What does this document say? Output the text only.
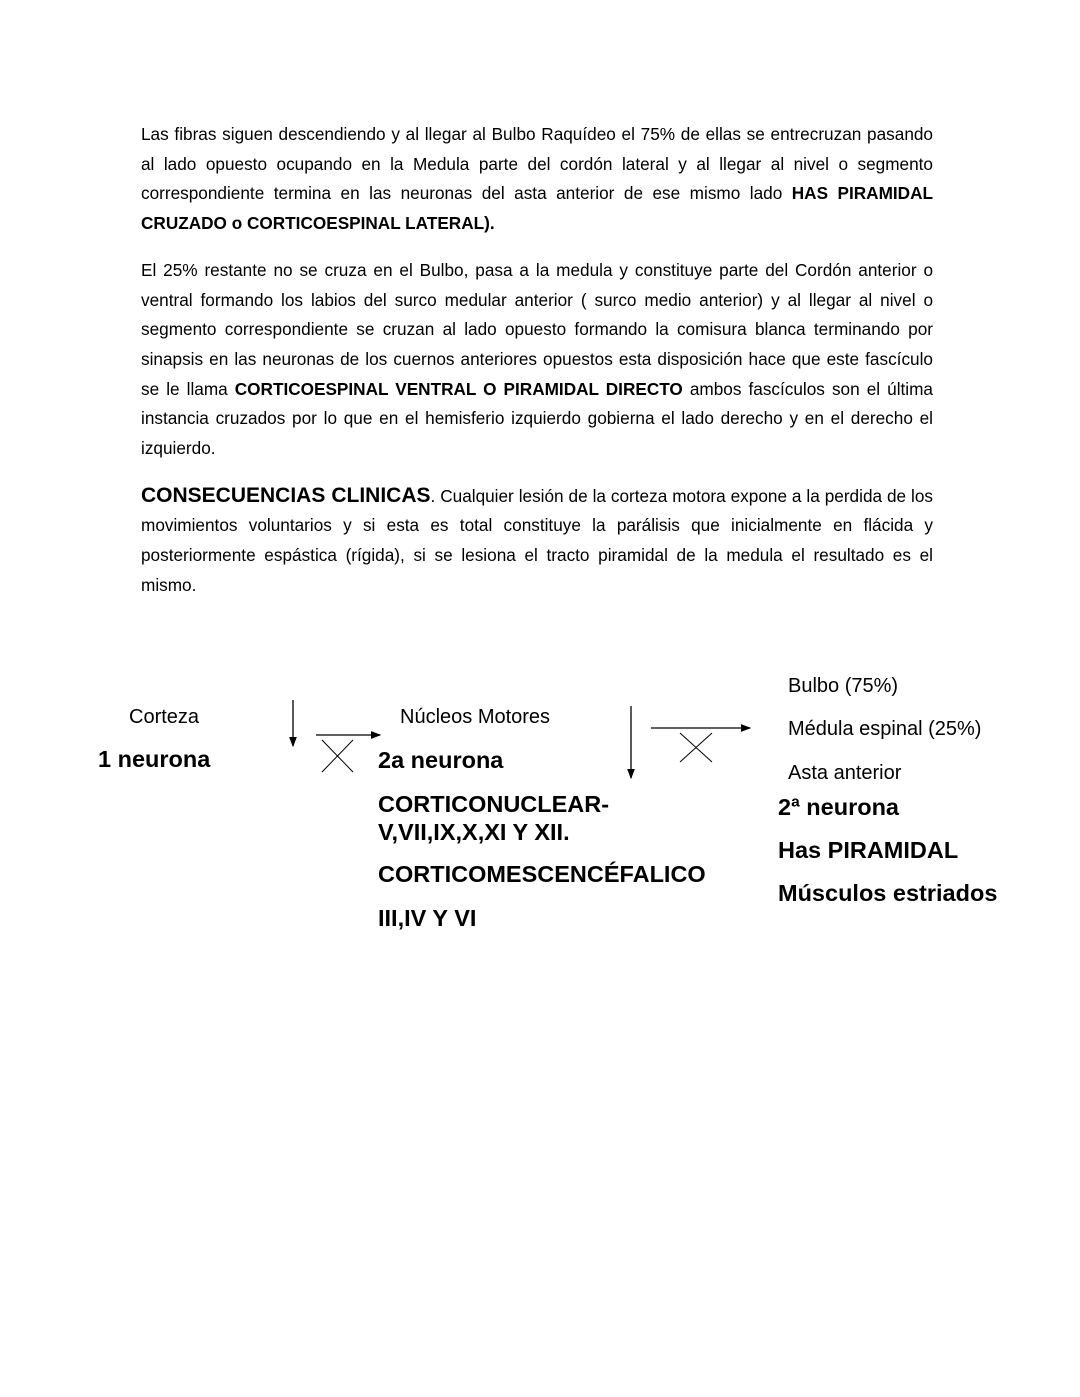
Las fibras siguen descendiendo y al llegar al Bulbo Raquídeo el 75% de ellas se entrecruzan pasando al lado opuesto ocupando en la Medula parte del cordón lateral y al llegar al nivel o segmento correspondiente termina en las neuronas del asta anterior de ese mismo lado HAS PIRAMIDAL CRUZADO o CORTICOESPINAL LATERAL).

El 25% restante no se cruza en el Bulbo, pasa a la medula y constituye parte del Cordón anterior o ventral formando los labios del surco medular anterior ( surco medio anterior) y al llegar al nivel o segmento correspondiente se cruzan al lado opuesto formando la comisura blanca terminando por sinapsis en las neuronas de los cuernos anteriores opuestos esta disposición hace que este fascículo se le llama CORTICOESPINAL VENTRAL O PIRAMIDAL DIRECTO ambos fascículos son el última instancia cruzados por lo que en el hemisferio izquierdo gobierna el lado derecho y en el derecho el izquierdo.

CONSECUENCIAS CLINICAS. Cualquier lesión de la corteza motora expone a la perdida de los movimientos voluntarios y si esta es total constituye la parálisis que inicialmente en flácida y posteriormente espástica (rígida), si se lesiona el tracto piramidal de la medula el resultado es el mismo.

Corteza
1 neurona
Núcleos Motores
2a neurona
CORTICONUCLEAR-
V,VII,IX,X,XI Y XII.
CORTICOMESCENCÉFALICO
III,IV Y VI
Bulbo (75%)
Médula espinal (25%)
Asta anterior
2ª neurona
Has PIRAMIDAL
Músculos estriados
